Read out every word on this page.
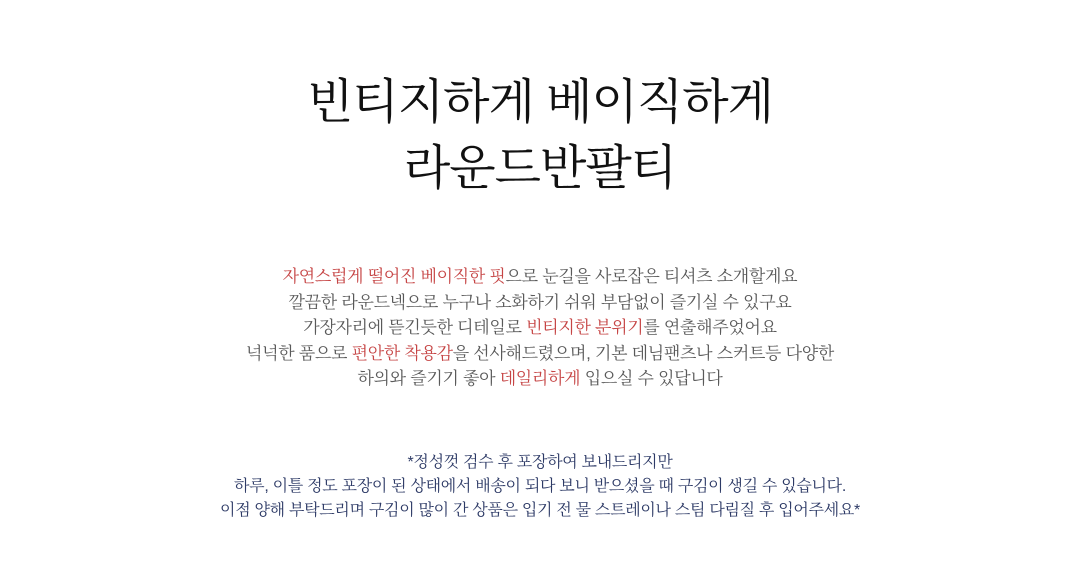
빈티지하게 베이직하게
라운드반팔티
자연스럽게 떨어진 베이직한 핏으로 눈길을 사로잡은 티셔츠 소개할게요
깔끔한 라운드넥으로 누구나 소화하기 쉬워 부담없이 즐기실 수 있구요
가장자리에 뜯긴듯한 디테일로 빈티지한 분위기를 연출해주었어요
넉넉한 품으로 편안한 착용감을 선사해드렸으며, 기본 데님팬츠나 스커트등 다양한
하의와 즐기기 좋아 데일리하게 입으실 수 있답니다
*정성껏 검수 후 포장하여 보내드리지만
하루, 이틀 정도 포장이 된 상태에서 배송이 되다 보니 받으셨을 때 구김이 생길 수 있습니다.
이점 양해 부탁드리며 구김이 많이 간 상품은 입기 전 물 스트레이나 스팀 다림질 후 입어주세요*
